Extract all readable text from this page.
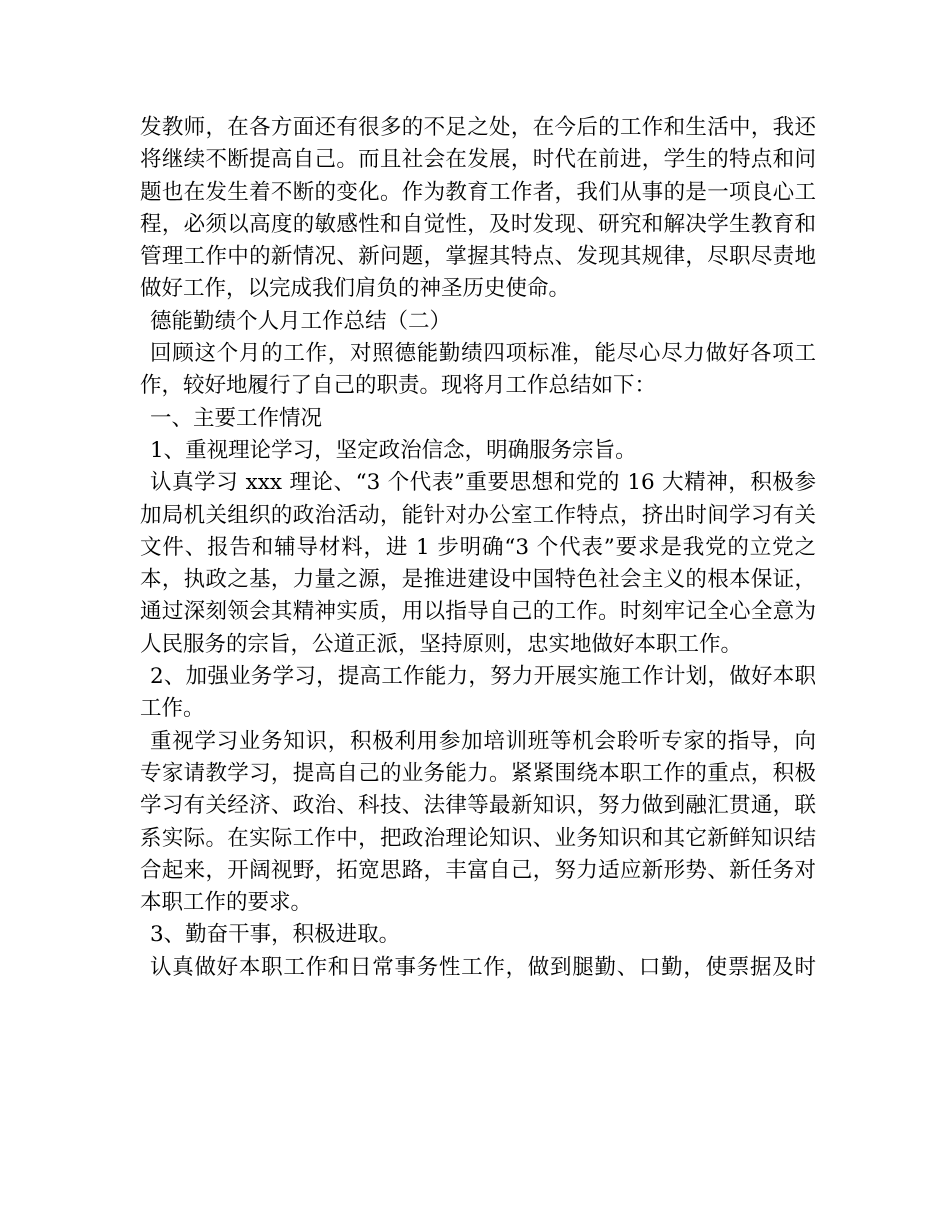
发教师，在各方面还有很多的不足之处，在今后的工作和生活中，我还
将继续不断提高自己。而且社会在发展，时代在前进，学生的特点和问
题也在发生着不断的变化。作为教育工作者，我们从事的是一项良心工
程，必须以高度的敏感性和自觉性，及时发现、研究和解决学生教育和
管理工作中的新情况、新问题，掌握其特点、发现其规律，尽职尽责地
做好工作，以完成我们肩负的神圣历史使命。
德能勤绩个人月工作总结（二）
回顾这个月的工作，对照德能勤绩四项标准，能尽心尽力做好各项工
作，较好地履行了自己的职责。现将月工作总结如下：
一、主要工作情况
1、重视理论学习，坚定政治信念，明确服务宗旨。
认真学习 xxx 理论、“3 个代表”重要思想和党的 16 大精神，积极参
加局机关组织的政治活动，能针对办公室工作特点，挤出时间学习有关
文件、报告和辅导材料，进 1 步明确“3 个代表”要求是我党的立党之
本，执政之基，力量之源，是推进建设中国特色社会主义的根本保证，
通过深刻领会其精神实质，用以指导自己的工作。时刻牢记全心全意为
人民服务的宗旨，公道正派，坚持原则，忠实地做好本职工作。
2、加强业务学习，提高工作能力，努力开展实施工作计划，做好本职
工作。
重视学习业务知识，积极利用参加培训班等机会聆听专家的指导，向
专家请教学习，提高自己的业务能力。紧紧围绕本职工作的重点，积极
学习有关经济、政治、科技、法律等最新知识，努力做到融汇贯通，联
系实际。在实际工作中，把政治理论知识、业务知识和其它新鲜知识结
合起来，开阔视野，拓宽思路，丰富自己，努力适应新形势、新任务对
本职工作的要求。
3、勤奋干事，积极进取。
认真做好本职工作和日常事务性工作，做到腿勤、口勤，使票据及时
